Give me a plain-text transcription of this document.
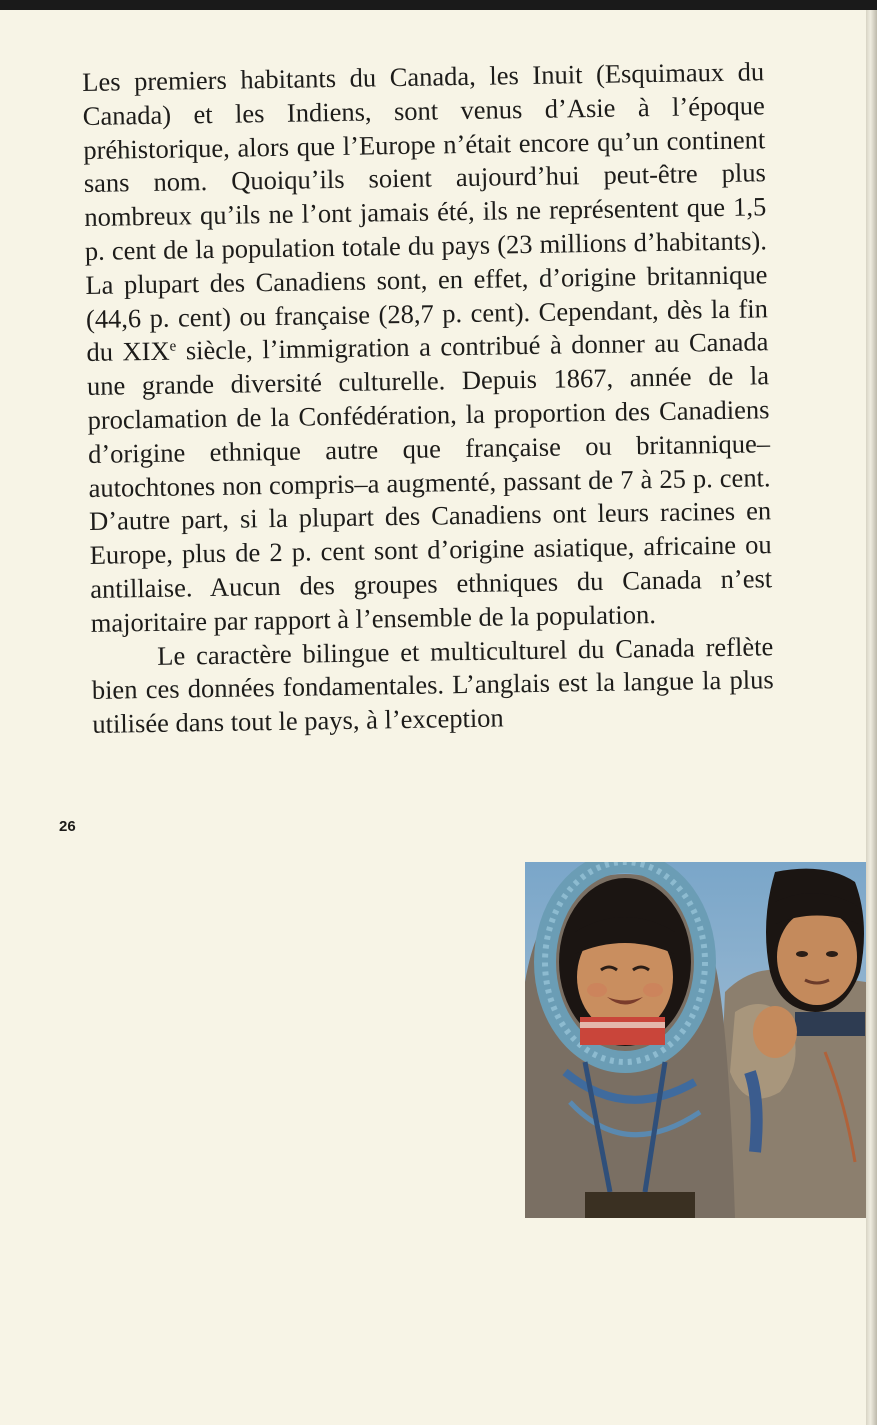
Les premiers habitants du Canada, les Inuit (Esquimaux du Canada) et les Indiens, sont venus d’Asie à l’époque préhistorique, alors que l’Europe n’était encore qu’un continent sans nom. Quoiqu’ils soient aujourd’hui peut-être plus nombreux qu’ils ne l’ont jamais été, ils ne représentent que 1,5 p. cent de la population totale du pays (23 millions d’habitants). La plupart des Canadiens sont, en effet, d’origine britannique (44,6 p. cent) ou française (28,7 p. cent). Cependant, dès la fin du XIXe siècle, l’immigration a contribué à donner au Canada une grande diversité culturelle. Depuis 1867, année de la proclamation de la Confédération, la proportion des Canadiens d’origine ethnique autre que française ou britannique–autochtones non compris–a augmenté, passant de 7 à 25 p. cent. D’autre part, si la plupart des Canadiens ont leurs racines en Europe, plus de 2 p. cent sont d’origine asiatique, africaine ou antillaise. Aucun des groupes ethniques du Canada n’est majoritaire par rapport à l’ensemble de la population.

Le caractère bilingue et multiculturel du Canada reflète bien ces données fondamentales. L’anglais est la langue la plus utilisée dans tout le pays, à l’exception

26
